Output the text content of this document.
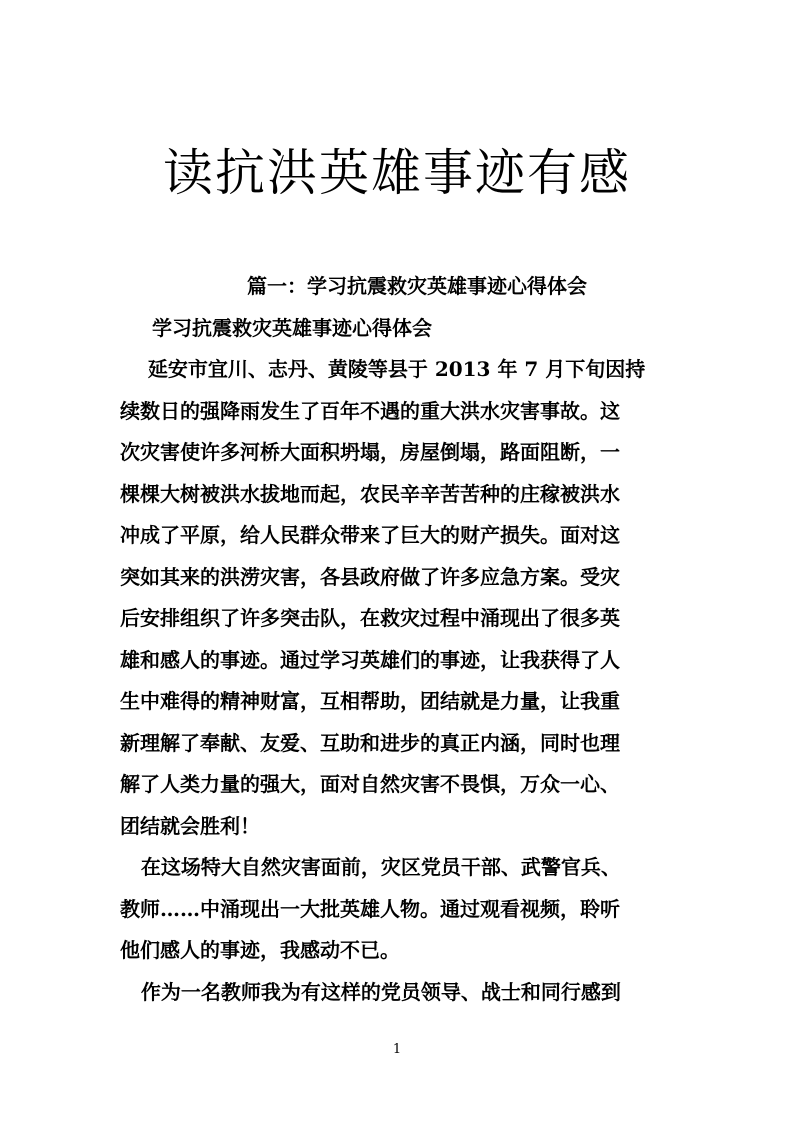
读抗洪英雄事迹有感
篇一：学习抗震救灾英雄事迹心得体会
学习抗震救灾英雄事迹心得体会

延安市宜川、志丹、黄陵等县于 2013 年 7 月下旬因持
续数日的强降雨发生了百年不遇的重大洪水灾害事故。这
次灾害使许多河桥大面积坍塌，房屋倒塌，路面阻断，一
棵棵大树被洪水拔地而起，农民辛辛苦苦种的庄稼被洪水
冲成了平原，给人民群众带来了巨大的财产损失。面对这
突如其来的洪涝灾害，各县政府做了许多应急方案。受灾
后安排组织了许多突击队，在救灾过程中涌现出了很多英
雄和感人的事迹。通过学习英雄们的事迹，让我获得了人
生中难得的精神财富，互相帮助，团结就是力量，让我重
新理解了奉献、友爱、互助和进步的真正内涵，同时也理
解了人类力量的强大，面对自然灾害不畏惧，万众一心、
团结就会胜利！

在这场特大自然灾害面前，灾区党员干部、武警官兵、
教师……中涌现出一大批英雄人物。通过观看视频，聆听
他们感人的事迹，我感动不已。

作为一名教师我为有这样的党员领导、战士和同行感到

1
